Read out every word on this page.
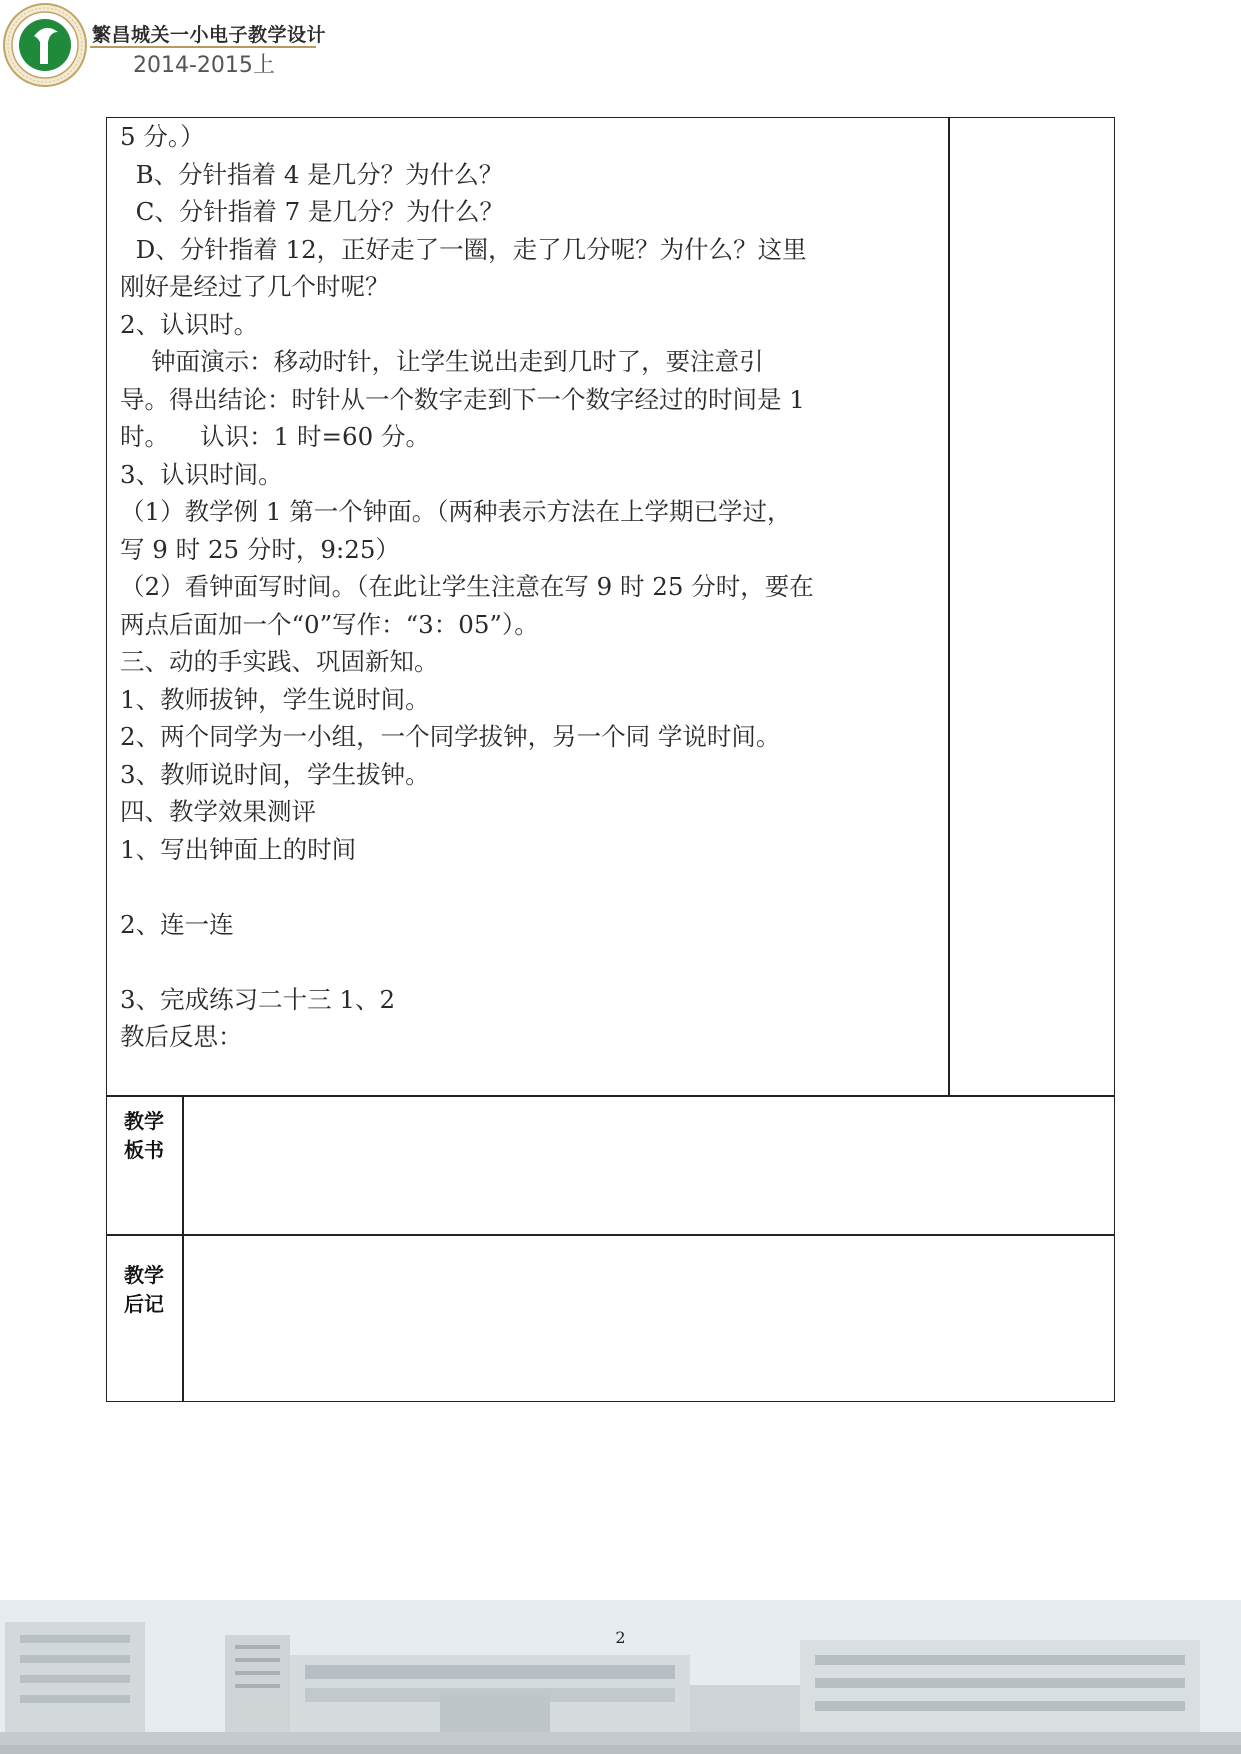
繁昌城关一小电子教学设计
2014-2015上
5 分。）
B、分针指着 4 是几分？为什么？
C、分针指着 7 是几分？为什么？
D、分针指着 12，正好走了一圈，走了几分呢？为什么？这里
刚好是经过了几个时呢？
2、认识时。
钟面演示：移动时针，让学生说出走到几时了，要注意引
导。得出结论：时针从一个数字走到下一个数字经过的时间是 1
时。    认识：1 时=60 分。
3、认识时间。
（1）教学例 1 第一个钟面。（两种表示方法在上学期已学过，
写 9 时 25 分时，9:25）
（2）看钟面写时间。（在此让学生注意在写 9 时 25 分时，要在
两点后面加一个“0”写作：“3：05”）。
三、动的手实践、巩固新知。
1、教师拔钟，学生说时间。
2、两个同学为一小组，一个同学拔钟，另一个同 学说时间。
3、教师说时间，学生拔钟。
四、教学效果测评
1、写出钟面上的时间
2、连一连
3、完成练习二十三 1、2
教后反思：
教学板书
教学后记
2
